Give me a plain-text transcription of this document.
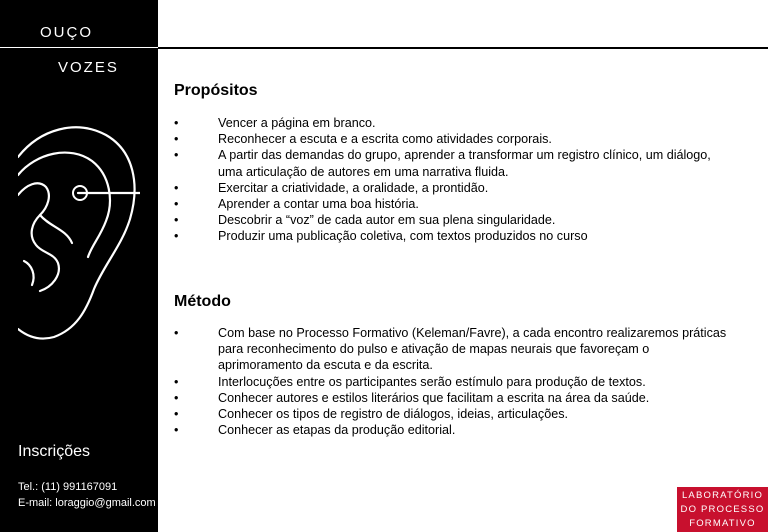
OUÇO
VOZES
Inscrições
Tel.: (11) 991167091
E-mail: loraggio@gmail.com
Propósitos
•	Vencer a página em branco.
•	Reconhecer a escuta e a escrita como atividades corporais.
•	A partir das demandas do grupo, aprender a transformar um registro clínico, um diálogo, uma articulação de autores em uma narrativa fluida.
•	Exercitar a criatividade, a oralidade, a prontidão.
•	Aprender a contar uma boa história.
•	Descobrir a “voz” de cada autor em sua plena singularidade.
•	Produzir uma publicação coletiva, com textos produzidos no curso
Método
•	Com base no Processo Formativo (Keleman/Favre), a cada encontro realizaremos práticas para reconhecimento do pulso e ativação de mapas neurais que favoreçam o aprimoramento da escuta e da escrita.
•	Interlocuções entre os participantes serão estímulo para produção de textos.
•	Conhecer autores e estilos literários que facilitam a escrita na área da saúde.
•	Conhecer os tipos de registro de diálogos, ideias, articulações.
•	Conhecer as etapas da produção editorial.
LABORATÓRIO
DO PROCESSO
FORMATIVO
